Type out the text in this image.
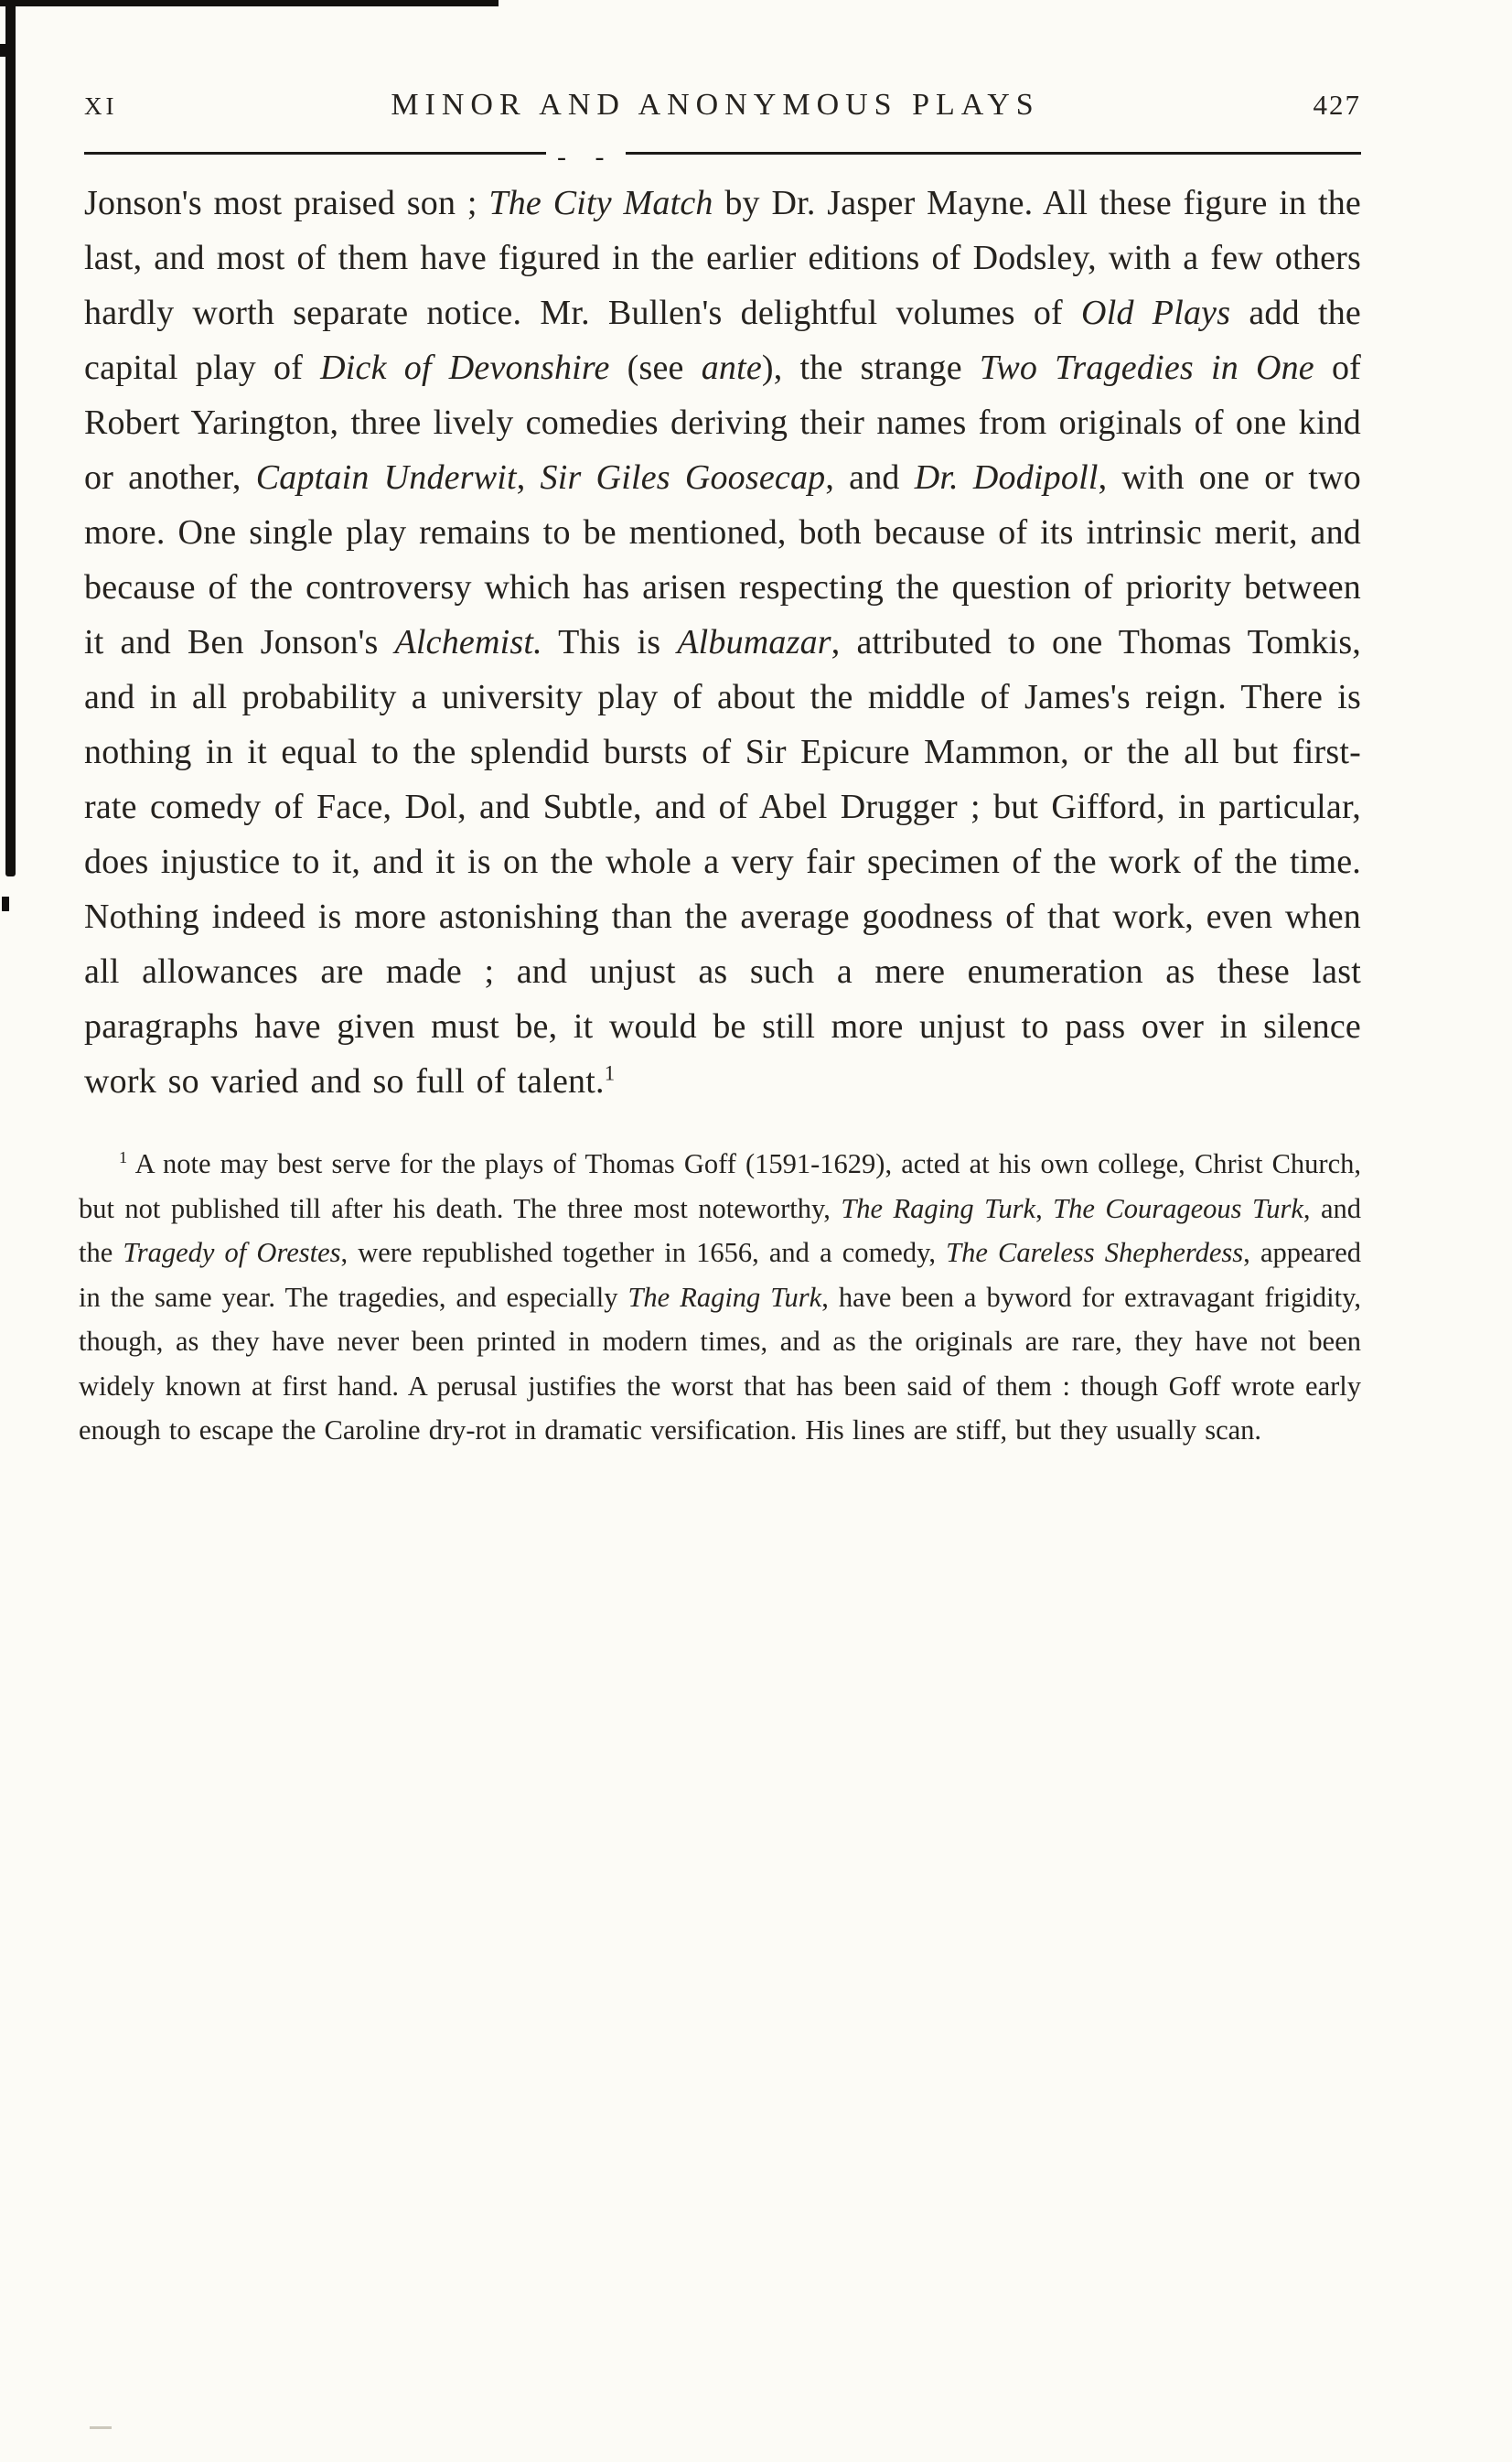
XI	MINOR AND ANONYMOUS PLAYS	427
- -

Jonson's most praised son ; The City Match by Dr. Jasper Mayne. All these figure in the last, and most of them have figured in the earlier editions of Dodsley, with a few others hardly worth separate notice. Mr. Bullen's delightful volumes of Old Plays add the capital play of Dick of Devonshire (see ante), the strange Two Tragedies in One of Robert Yarington, three lively comedies deriving their names from originals of one kind or another, Captain Underwit, Sir Giles Goosecap, and Dr. Dodipoll, with one or two more. One single play remains to be mentioned, both because of its intrinsic merit, and because of the controversy which has arisen respecting the question of priority between it and Ben Jonson's Alchemist. This is Albumazar, attributed to one Thomas Tomkis, and in all probability a university play of about the middle of James's reign. There is nothing in it equal to the splendid bursts of Sir Epicure Mammon, or the all but first-rate comedy of Face, Dol, and Subtle, and of Abel Drugger ; but Gifford, in particular, does injustice to it, and it is on the whole a very fair specimen of the work of the time. Nothing indeed is more astonishing than the average goodness of that work, even when all allowances are made ; and unjust as such a mere enumeration as these last paragraphs have given must be, it would be still more unjust to pass over in silence work so varied and so full of talent.$^1$

$^1$ A note may best serve for the plays of Thomas Goff (1591-1629), acted at his own college, Christ Church, but not published till after his death. The three most noteworthy, The Raging Turk, The Courageous Turk, and the Tragedy of Orestes, were republished together in 1656, and a comedy, The Careless Shepherdess, appeared in the same year. The tragedies, and especially The Raging Turk, have been a byword for extravagant frigidity, though, as they have never been printed in modern times, and as the originals are rare, they have not been widely known at first hand. A perusal justifies the worst that has been said of them : though Goff wrote early enough to escape the Caroline dry-rot in dramatic versification. His lines are stiff, but they usually scan.
